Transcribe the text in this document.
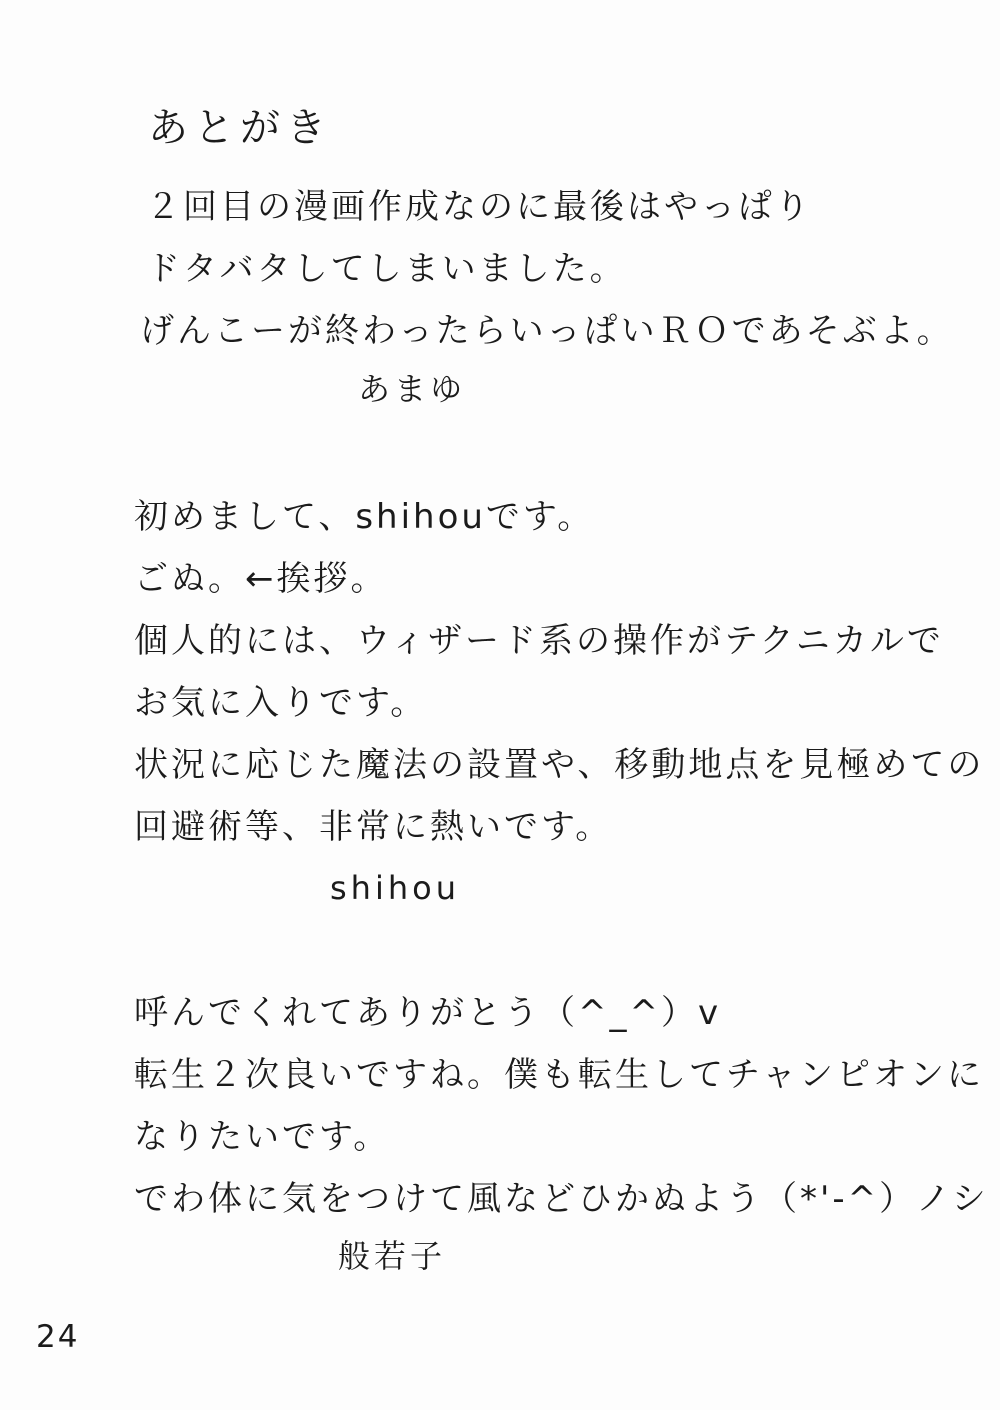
あとがき
２回目の漫画作成なのに最後はやっぱり
ドタバタしてしまいました。
げんこーが終わったらいっぱいＲＯであそぶよ。
あまゆ
初めまして、shihouです。
ごぬ。←挨拶。
個人的には、ウィザード系の操作がテクニカルで
お気に入りです。
状況に応じた魔法の設置や、移動地点を見極めての
回避術等、非常に熱いです。
shihou
呼んでくれてありがとう（^_^）v
転生２次良いですね。僕も転生してチャンピオンに
なりたいです。
でわ体に気をつけて風などひかぬよう（*'-^）ノシ
般若子
24
